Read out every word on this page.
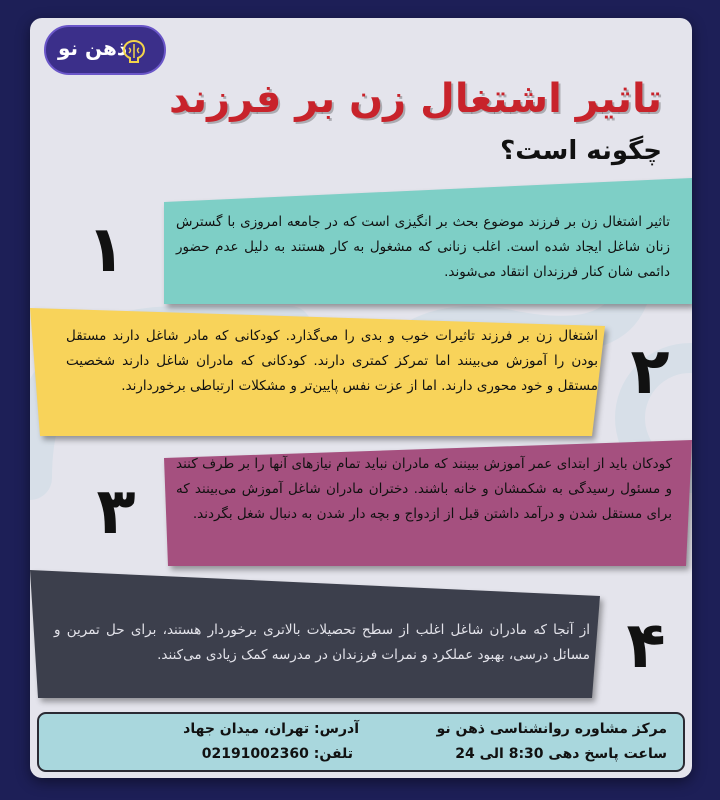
ذهن نو
تاثیر اشتغال زن بر فرزند
چگونه است؟

تاثیر اشتغال زن بر فرزند موضوع بحث بر انگیزی است که در جامعه امروزی با گسترش زنان شاغل ایجاد شده است. اغلب زنانی که مشغول به کار هستند به دلیل عدم حضور دائمی شان کنار فرزندان انتقاد می‌شوند.

۱

اشتغال زن بر فرزند تاثیرات خوب و بدی را می‌گذارد. کودکانی که مادر شاغل دارند مستقل بودن را آموزش می‌بینند اما تمرکز کمتری دارند. کودکانی که مادران شاغل دارند شخصیت مستقل و خود محوری دارند. اما از عزت نفس پایین‌تر و مشکلات ارتباطی برخوردارند. ۲

کودکان باید از ابتدای عمر آموزش ببینند که مادران نباید تمام نیازهای آنها را بر طرف کنند و مسئول رسیدگی به شکمشان و خانه باشند. دختران مادران شاغل آموزش می‌بینند که برای مستقل شدن و درآمد داشتن قبل از ازدواج و بچه دار شدن به دنبال شغل بگردند.

۳

از آنجا که مادران شاغل اغلب از سطح تحصیلات بالاتری برخوردار هستند، برای حل تمرین و مسائل درسی، بهبود عملکرد و نمرات فرزندان در مدرسه کمک زیادی می‌کنند. ۴
مرکز مشاوره روانشناسی ذهن نو
ساعت پاسخ دهی 8:30 الی 24
آدرس: تهران، میدان جهاد
تلفن: 02191002360
